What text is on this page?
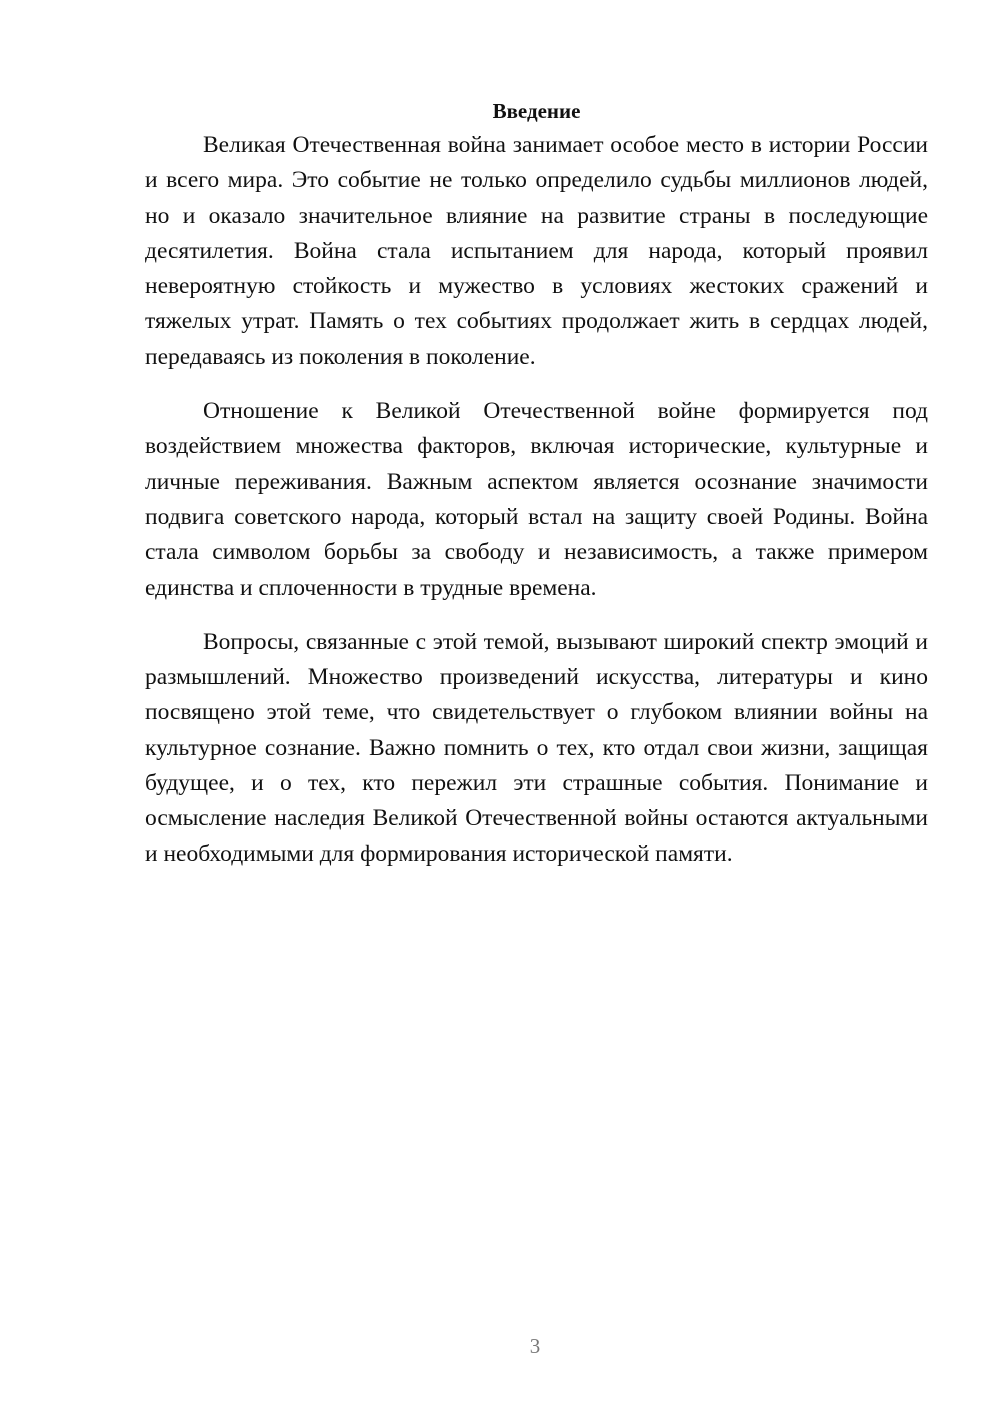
Введение

Великая Отечественная война занимает особое место в истории России и всего мира. Это событие не только определило судьбы миллионов людей, но и оказало значительное влияние на развитие страны в последующие десятилетия. Война стала испытанием для народа, который проявил невероятную стойкость и мужество в условиях жестоких сражений и тяжелых утрат. Память о тех событиях продолжает жить в сердцах людей, передаваясь из поколения в поколение.

Отношение к Великой Отечественной войне формируется под воздействием множества факторов, включая исторические, культурные и личные переживания. Важным аспектом является осознание значимости подвига советского народа, который встал на защиту своей Родины. Война стала символом борьбы за свободу и независимость, а также примером единства и сплоченности в трудные времена.

Вопросы, связанные с этой темой, вызывают широкий спектр эмоций и размышлений. Множество произведений искусства, литературы и кино посвящено этой теме, что свидетельствует о глубоком влиянии войны на культурное сознание. Важно помнить о тех, кто отдал свои жизни, защищая будущее, и о тех, кто пережил эти страшные события. Понимание и осмысление наследия Великой Отечественной войны остаются актуальными и необходимыми для формирования исторической памяти.

3
